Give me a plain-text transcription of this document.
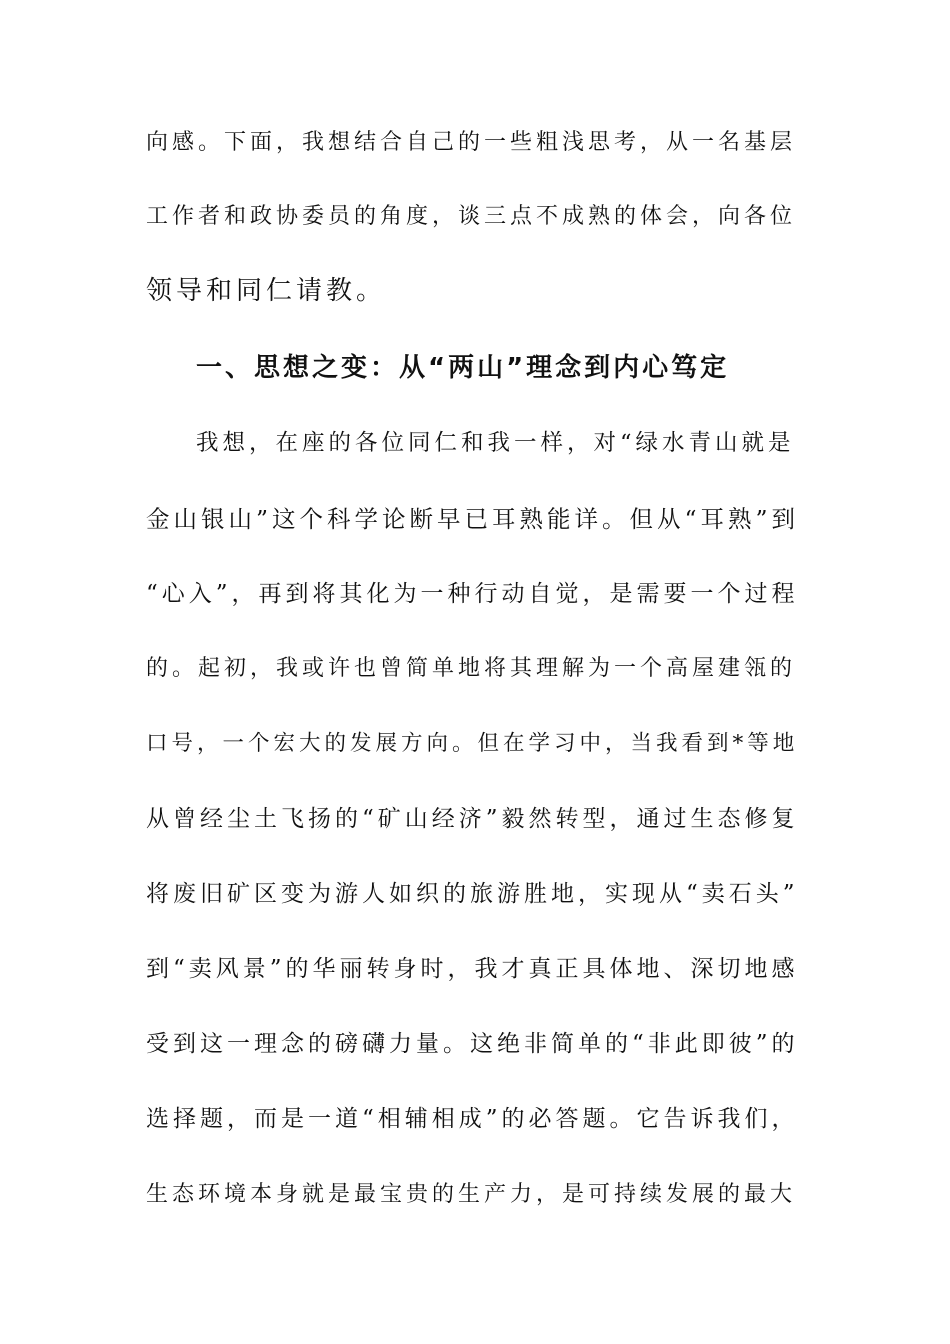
向感。下面，我想结合自己的一些粗浅思考，从一名基层
工作者和政协委员的角度，谈三点不成熟的体会，向各位
领导和同仁请教。
一、思想之变：从“两山”理念到内心笃定
我想，在座的各位同仁和我一样，对“绿水青山就是
金山银山”这个科学论断早已耳熟能详。但从“耳熟”到
“心入”，再到将其化为一种行动自觉，是需要一个过程
的。起初，我或许也曾简单地将其理解为一个高屋建瓴的
口号，一个宏大的发展方向。但在学习中，当我看到*等地
从曾经尘土飞扬的“矿山经济”毅然转型，通过生态修复
将废旧矿区变为游人如织的旅游胜地，实现从“卖石头”
到“卖风景”的华丽转身时，我才真正具体地、深切地感
受到这一理念的磅礴力量。这绝非简单的“非此即彼”的
选择题，而是一道“相辅相成”的必答题。它告诉我们，
生态环境本身就是最宝贵的生产力，是可持续发展的最大
